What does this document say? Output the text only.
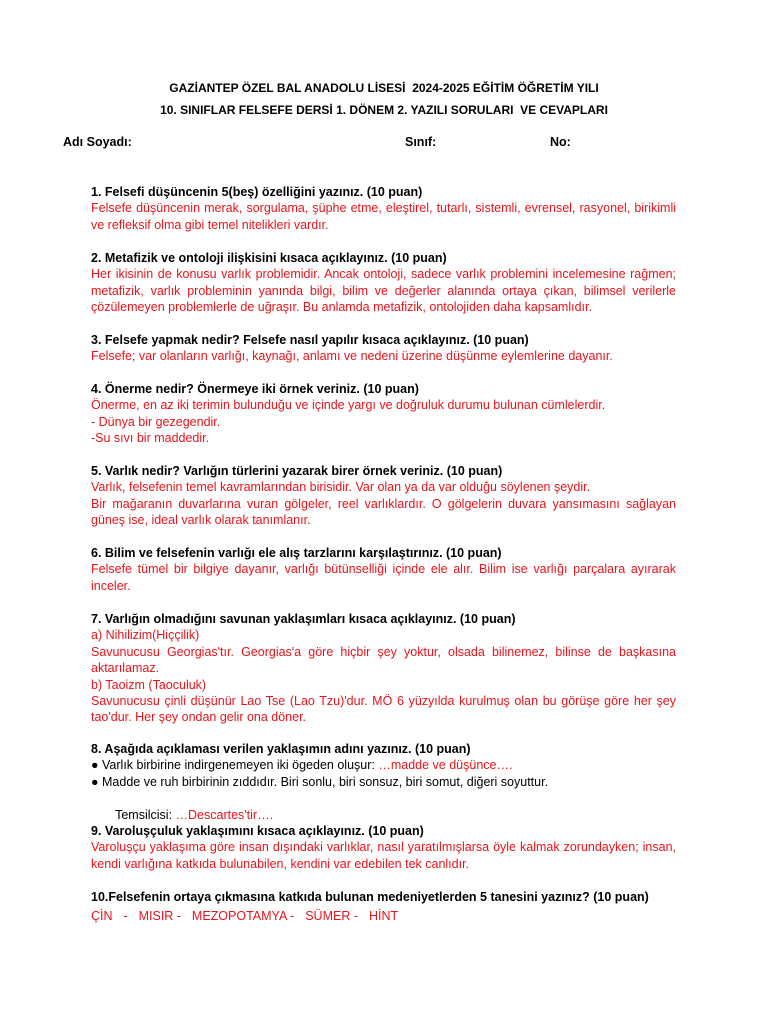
GAZİANTEP ÖZEL BAL ANADOLU LİSESİ  2024-2025 EĞİTİM ÖĞRETİM YILI
10. SINIFLAR FELSEFE DERSİ 1. DÖNEM 2. YAZILI SORULARI  VE CEVAPLARI
Adı Soyadı:	Sınıf:	No:
1. Felsefi düşüncenin 5(beş) özelliğini yazınız. (10 puan)
Felsefe düşüncenin merak, sorgulama, şüphe etme, eleştirel, tutarlı, sistemli, evrensel, rasyonel, birikimli ve refleksif olma gibi temel nitelikleri vardır.
2. Metafizik ve ontoloji ilişkisini kısaca açıklayınız. (10 puan)
Her ikisinin de konusu varlık problemidir. Ancak ontoloji, sadece varlık problemini incelemesine rağmen; metafizik, varlık probleminin yanında bilgi, bilim ve değerler alanında ortaya çıkan, bilimsel verilerle çözülemeyen problemlerle de uğraşır. Bu anlamda metafizik, ontolojiden daha kapsamlıdır.
3. Felsefe yapmak nedir? Felsefe nasıl yapılır kısaca açıklayınız. (10 puan)
Felsefe; var olanların varlığı, kaynağı, anlamı ve nedeni üzerine düşünme eylemlerine dayanır.
4. Önerme nedir? Önermeye iki örnek veriniz. (10 puan)
Önerme, en az iki terimin bulunduğu ve içinde yargı ve doğruluk durumu bulunan cümlelerdir.
- Dünya bir gezegendir.
-Su sıvı bir maddedir.
5. Varlık nedir? Varlığın türlerini yazarak birer örnek veriniz. (10 puan)
Varlık, felsefenin temel kavramlarından birisidir. Var olan ya da var olduğu söylenen şeydir.
Bir mağaranın duvarlarına vuran gölgeler, reel varlıklardır. O gölgelerin duvara yansımasını sağlayan güneş ise, ideal varlık olarak tanımlanır.
6. Bilim ve felsefenin varlığı ele alış tarzlarını karşılaştırınız. (10 puan)
Felsefe tümel bir bilgiye dayanır, varlığı bütünselliği içinde ele alır. Bilim ise varlığı parçalara ayırarak inceler.
7. Varlığın olmadığını savunan yaklaşımları kısaca açıklayınız. (10 puan)
a) Nihilizim(Hiççilik)
Savunucusu Georgias'tır. Georgias'a göre hiçbir şey yoktur, olsada bilinemez, bilinse de başkasına aktarılamaz.
b) Taoizm (Taoculuk)
Savunucusu çinli düşünür Lao Tse (Lao Tzu)'dur. MÖ 6 yüzyılda kurulmuş olan bu görüşe göre her şey tao'dur. Her şey ondan gelir ona döner.
8. Aşağıda açıklaması verilen yaklaşımın adını yazınız. (10 puan)
● Varlık birbirine indirgenemeyen iki ögeden oluşur: …madde ve düşünce….
● Madde ve ruh birbirinin zıddıdır. Biri sonlu, biri sonsuz, biri somut, diğeri soyuttur.

Temsilcisi: …Descartes'tir….

9. Varoluşçuluk yaklaşımını kısaca açıklayınız. (10 puan)
Varoluşçu yaklaşıma göre insan dışındaki varlıklar, nasıl yaratılmışlarsa öyle kalmak zorundayken; insan, kendi varlığına katkıda bulunabilen, kendini var edebilen tek canlıdır.
10.Felsefenin ortaya çıkmasına katkıda bulunan medeniyetlerden 5 tanesini yazınız? (10 puan)
ÇİN - MISIR - MEZOPOTAMYA - SÜMER - HİNT
